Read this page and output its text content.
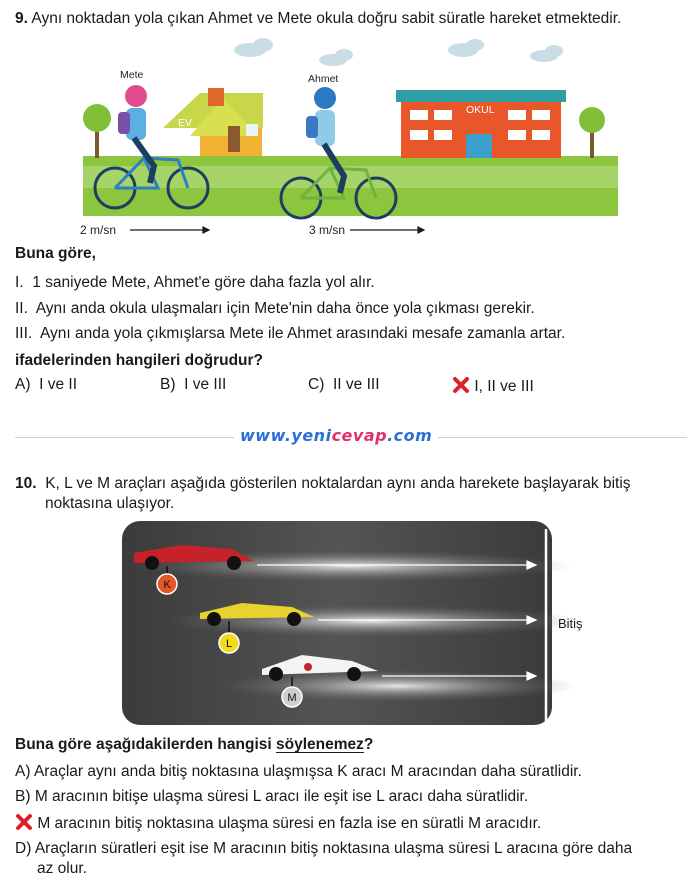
9. Aynı noktadan yola çıkan Ahmet ve Mete okula doğru sabit süratle hareket etmektedir.
EV
OKUL
Mete	Ahmet
2 m/sn	3 m/sn
Buna göre,
I. 1 saniyede Mete, Ahmet'e göre daha fazla yol alır.
II. Aynı anda okula ulaşmaları için Mete'nin daha önce yola çıkması gerekir.
III. Aynı anda yola çıkmışlarsa Mete ile Ahmet arasındaki mesafe zamanla artar.
ifadelerinden hangileri doğrudur?
A) I ve II	B) I ve III	C) II ve III	I, II ve III
www.yenicevap.com
10. K, L ve M araçları aşağıda gösterilen noktalardan aynı anda harekete başlayarak bitiş
noktasına ulaşıyor.
K
L
M
Bitiş
Buna göre aşağıdakilerden hangisi söylenemez?
A) Araçlar aynı anda bitiş noktasına ulaşmışsa K aracı M aracından daha süratlidir.
B) M aracının bitişe ulaşma süresi L aracı ile eşit ise L aracı daha süratlidir.
M aracının bitiş noktasına ulaşma süresi en fazla ise en süratli M aracıdır.
D) Araçların süratleri eşit ise M aracının bitiş noktasına ulaşma süresi L aracına göre daha
az olur.
